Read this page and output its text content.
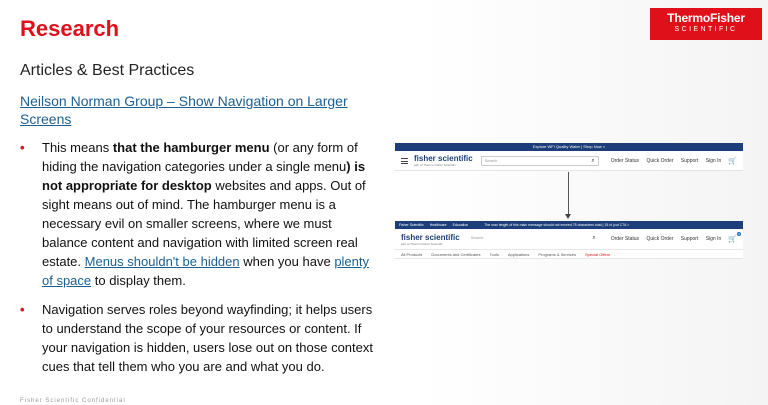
Research	ThermoFisher
SCIENTIFIC
Articles & Best Practices
Neilson Norman Group – Show Navigation on Larger Screens
• This means that the hamburger menu (or any form of hiding the navigation categories under a single menu) is not appropriate for desktop websites and apps. Out of sight means out of mind. The hamburger menu is a necessary evil on smaller screens, where we must balance content and navigation with limited screen real estate. Menus shouldn't be hidden when you have plenty of space to display them.
• Navigation serves roles beyond wayfinding; it helps users to understand the scope of your resources or content. If your navigation is hidden, users lose out on those context cues that tell them who you are and what you do.
Explore WFI Quality Water | Shop Now >
fisher scientific
part of Thermo Fisher Scientific
Search	⌕	Order Status Quick Order Support Sign In 🛒
Fisher Scientific Healthcare Education	The max length of this main message should not exceed 75 characters total | 15 ct (cut CTA >
fisher scientific
part of Thermo Fisher Scientific
Search	⌕	Order Status Quick Order Support Sign In 🛒
0
All Products Documents and Certificates Tools Applications Programs & Services Special Offers
Fisher Scientific Confidential
